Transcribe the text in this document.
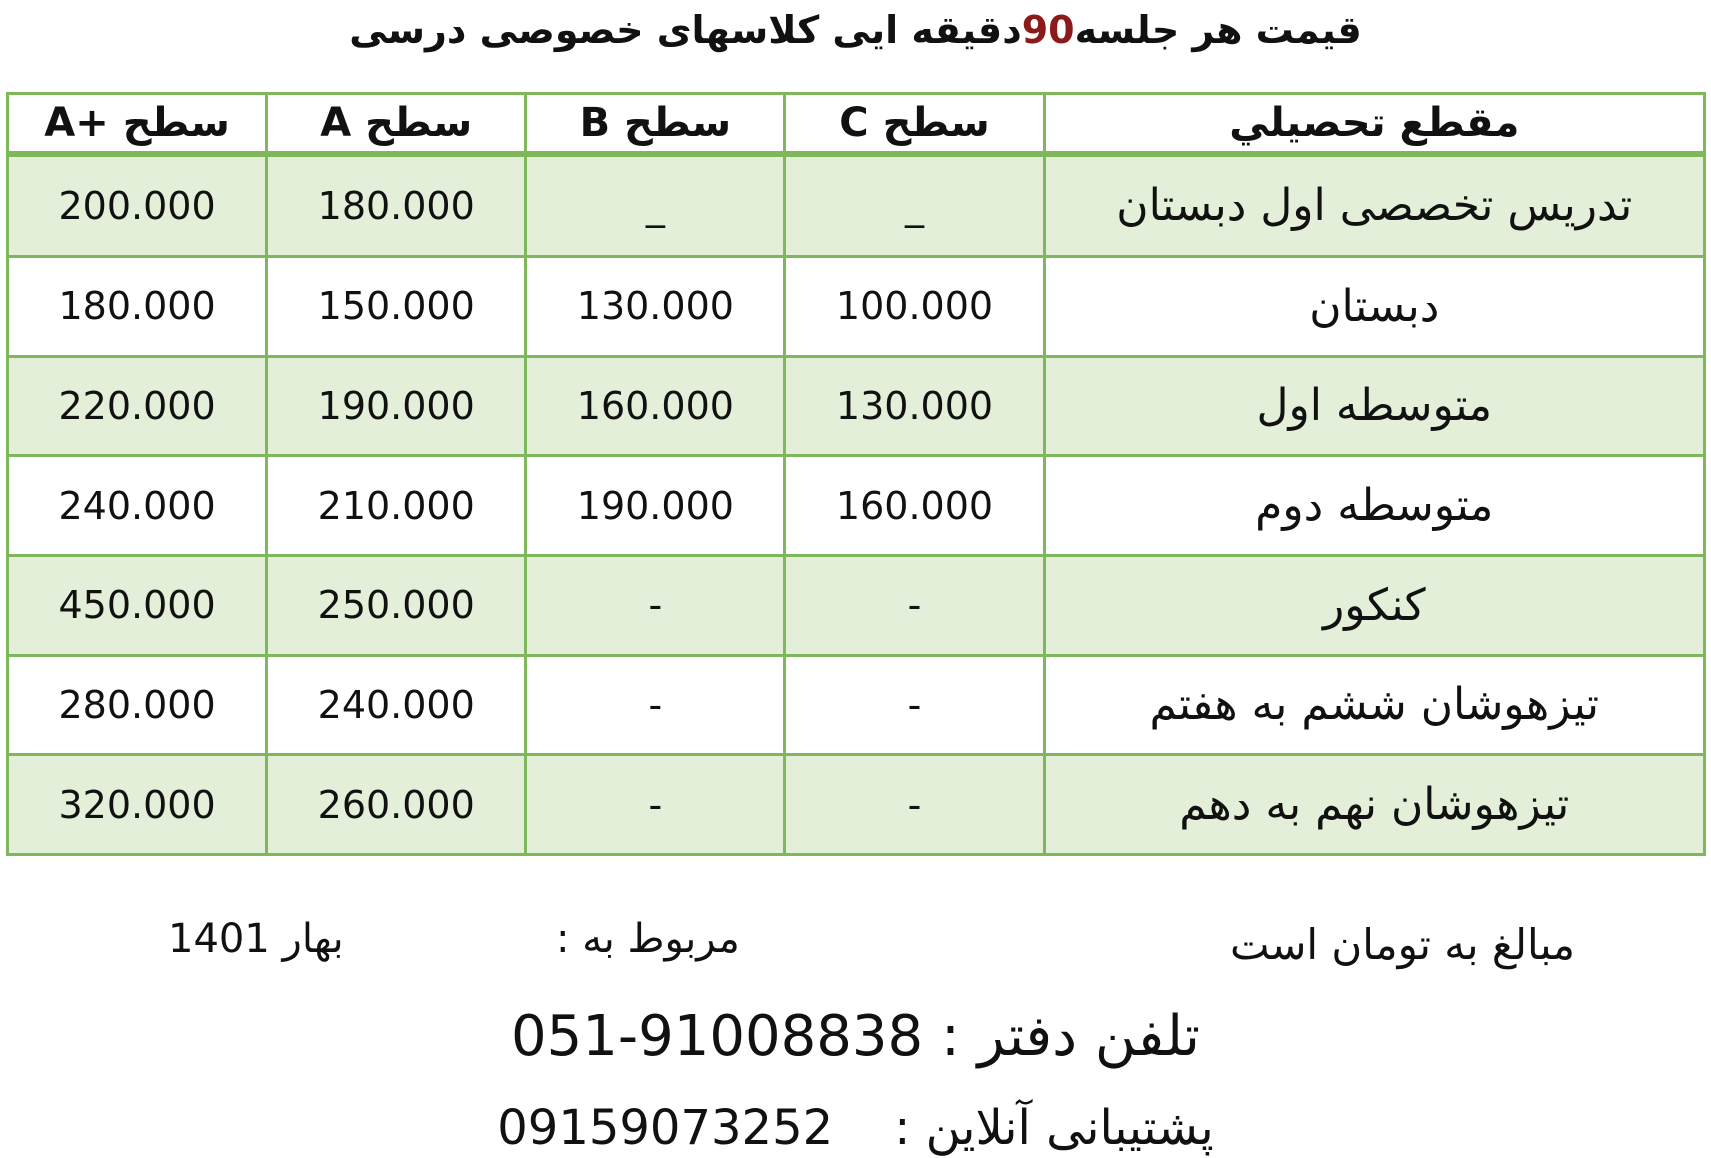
قیمت هر جلسه90دقیقه ایی کلاسهای خصوصی درسی
سطح +A	سطح A	سطح B	سطح C	مقطع تحصيلي
200.000	180.000	_	_	تدریس تخصصی اول دبستان
180.000	150.000	130.000	100.000	دبستان
220.000	190.000	160.000	130.000	متوسطه اول
240.000	210.000	190.000	160.000	متوسطه دوم
450.000	250.000	-	-	کنکور
280.000	240.000	-	-	تیزهوشان ششم به هفتم
320.000	260.000	-	-	تیزهوشان نهم به دهم
مبالغ به تومان است
مربوط به :
بهار 1401
تلفن دفتر : 051-91008838
پشتیبانی آنلاین :    09159073252
